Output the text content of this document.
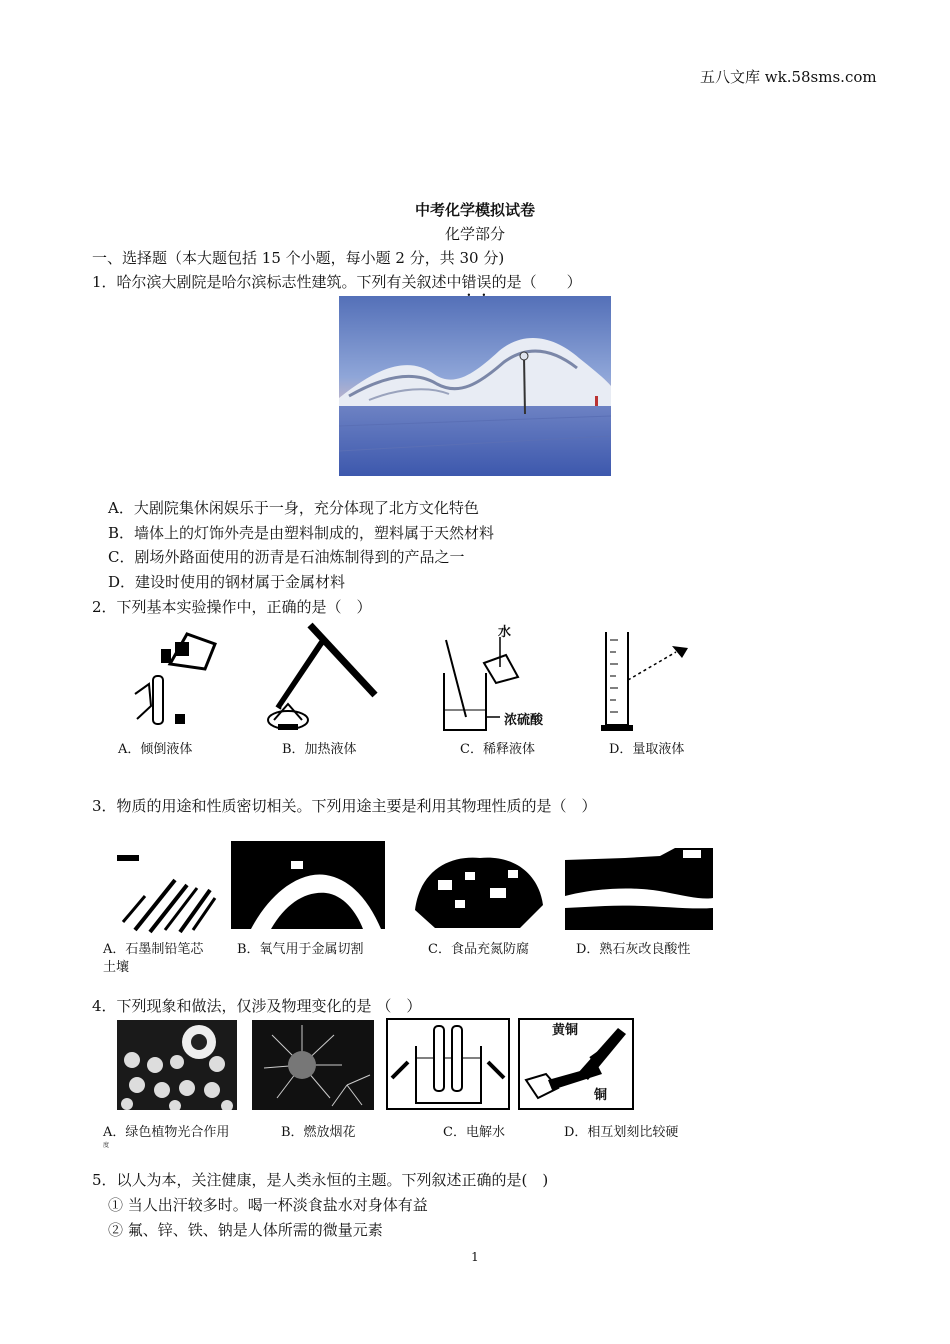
五八文库 wk.58sms.com
中考化学模拟试卷
化学部分
一、选择题（本大题包括 15 个小题，每小题 2 分，共 30 分)
1．哈尔滨大剧院是哈尔滨标志性建筑。下列有关叙述中错误的是（　　）
A．大剧院集休闲娱乐于一身，充分体现了北方文化特色
B．墙体上的灯饰外壳是由塑料制成的，塑料属于天然材料
C．剧场外路面使用的沥青是石油炼制得到的产品之一
D．建设时使用的钢材属于金属材料
2．下列基本实验操作中，正确的是（　）
水
浓硫酸
A．倾倒液体	B．加热液体	C．稀释液体	D．量取液体
3．物质的用途和性质密切相关。下列用途主要是利用其物理性质的是（　）
A．石墨制铅笔芯	B．氧气用于金属切割	C．食品充氮防腐	D．熟石灰改良酸性
土壤
4．下列现象和做法，仅涉及物理变化的是 （　）
黄铜
铜
A．绿色植物光合作用	B．燃放烟花	C．电解水	D．相互划刻比较硬
度
5．以人为本，关注健康，是人类永恒的主题。下列叙述正确的是(　)
① 当人出汗较多时。喝一杯淡食盐水对身体有益
② 氟、锌、铁、钠是人体所需的微量元素
1
